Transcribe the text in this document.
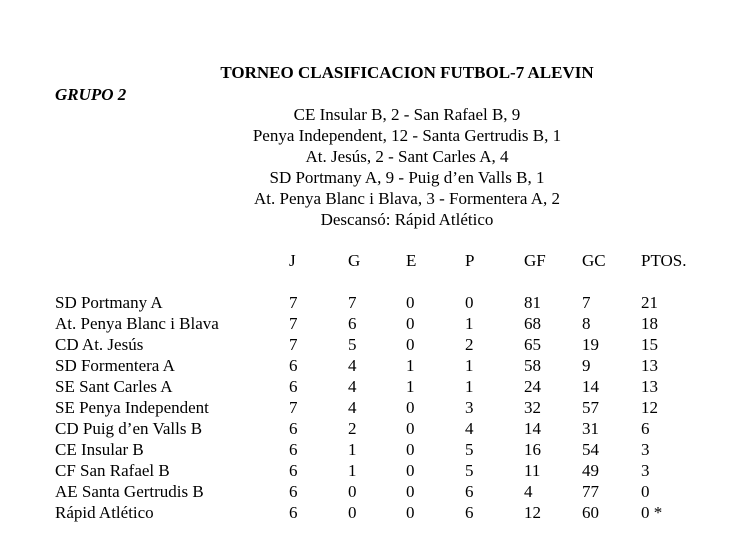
TORNEO CLASIFICACION FUTBOL-7 ALEVIN
GRUPO 2
CE Insular B, 2 - San Rafael B, 9
Penya Independent, 12 - Santa Gertrudis B, 1
At. Jesús, 2 - Sant Carles A, 4
SD Portmany A, 9 - Puig d’en Valls B, 1
At. Penya Blanc i Blava, 3 - Formentera A, 2
Descansó: Rápid Atlético
J	G	E	P	GF GC PTOS.
SD Portmany A	7	7	0	0	81 7	21
At. Penya Blanc i Blava	7	6	0	1	68 8	18
CD At. Jesús	7	5	0	2	65 19 15
SD Formentera A	6	4	1	1	58 9	13
SE Sant Carles A	6	4	1	1	24 14 13
SE Penya Independent	7	4	0	3	32 57 12
CD Puig d’en Valls B	6	2	0	4	14 31 6
CE Insular B	6	1	0	5	16 54 3
CF San Rafael B	6	1	0	5	11 49 3
AE Santa Gertrudis B	6	0	0	6	4	77 0
Rápid Atlético	6	0	0	6	12 60 0 *
